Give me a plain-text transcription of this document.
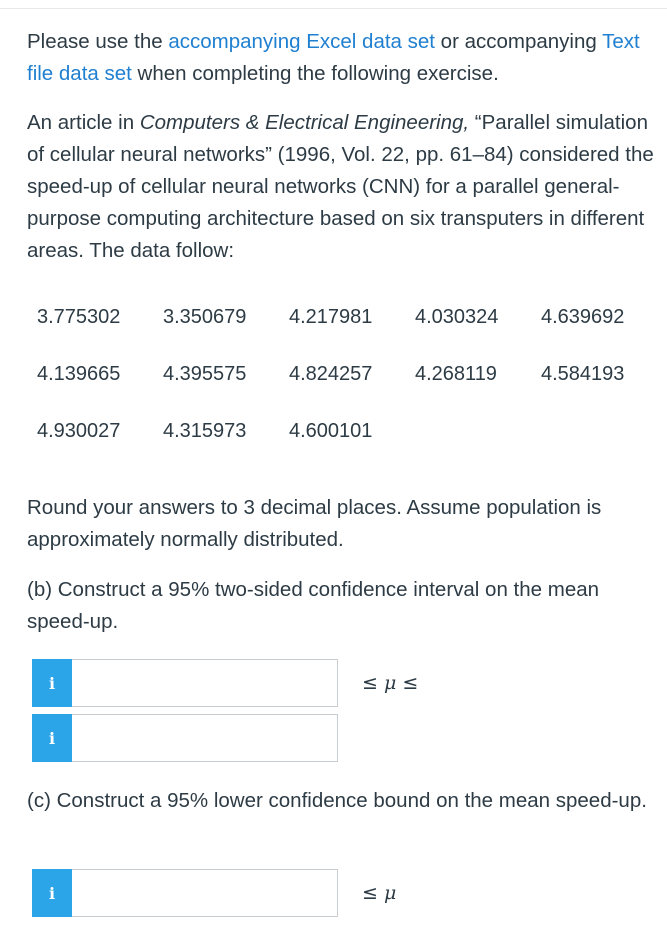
Please use the accompanying Excel data set or accompanying Text file data set when completing the following exercise.

An article in Computers & Electrical Engineering, “Parallel simulation of cellular neural networks” (1996, Vol. 22, pp. 61–84) considered the speed-up of cellular neural networks (CNN) for a parallel general-purpose computing architecture based on six transputers in different areas. The data follow:

3.775302 3.350679 4.217981 4.030324 4.639692
4.139665 4.395575 4.824257 4.268119 4.584193
4.930027 4.315973 4.600101

Round your answers to 3 decimal places. Assume population is approximately normally distributed.

(b) Construct a 95% two-sided confidence interval on the mean speed-up.

i	≤ μ ≤
i

(c) Construct a 95% lower confidence bound on the mean speed-up.

i	≤ μ
